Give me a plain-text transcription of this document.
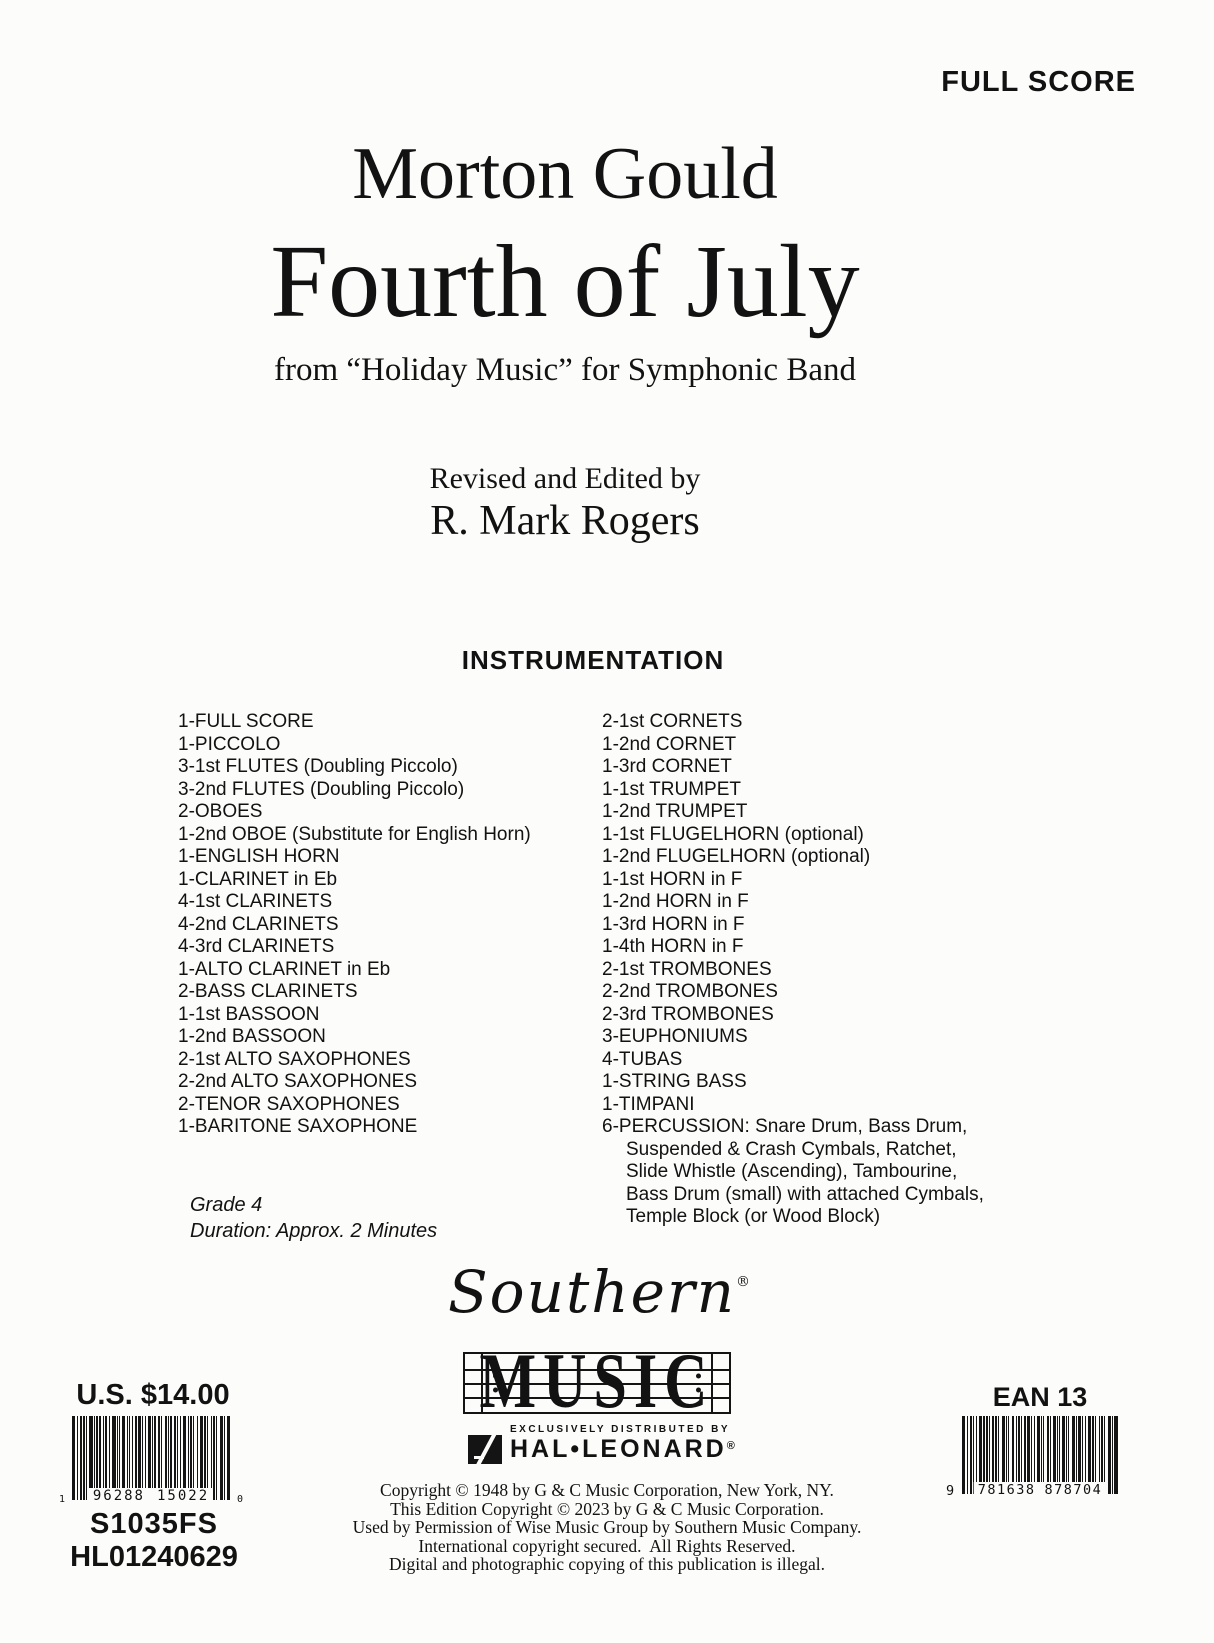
FULL SCORE
Morton Gould
Fourth of July
from “Holiday Music” for Symphonic Band
Revised and Edited by
R. Mark Rogers
INSTRUMENTATION
1-FULL SCORE
1-PICCOLO
3-1st FLUTES (Doubling Piccolo)
3-2nd FLUTES (Doubling Piccolo)
2-OBOES
1-2nd OBOE (Substitute for English Horn)
1-ENGLISH HORN
1-CLARINET in Eb
4-1st CLARINETS
4-2nd CLARINETS
4-3rd CLARINETS
1-ALTO CLARINET in Eb
2-BASS CLARINETS
1-1st BASSOON
1-2nd BASSOON
2-1st ALTO SAXOPHONES
2-2nd ALTO SAXOPHONES
2-TENOR SAXOPHONES
1-BARITONE SAXOPHONE
2-1st CORNETS
1-2nd CORNET
1-3rd CORNET
1-1st TRUMPET
1-2nd TRUMPET
1-1st FLUGELHORN (optional)
1-2nd FLUGELHORN (optional)
1-1st HORN in F
1-2nd HORN in F
1-3rd HORN in F
1-4th HORN in F
2-1st TROMBONES
2-2nd TROMBONES
2-3rd TROMBONES
3-EUPHONIUMS
4-TUBAS
1-STRING BASS
1-TIMPANI
6-PERCUSSION: Snare Drum, Bass Drum,
Suspended & Crash Cymbals, Ratchet,
Slide Whistle (Ascending), Tambourine,
Bass Drum (small) with attached Cymbals,
Temple Block (or Wood Block)
Grade 4
Duration: Approx. 2 Minutes
Southern®
MUSIC
EXCLUSIVELY DISTRIBUTED BY
HAL•LEONARD®
Copyright © 1948 by G & C Music Corporation, New York, NY.
This Edition Copyright © 2023 by G & C Music Corporation.
Used by Permission of Wise Music Group by Southern Music Company.
International copyright secured.  All Rights Reserved.
Digital and photographic copying of this publication is illegal.
U.S. $14.00
1 96288 15022	0
S1035FS
HL01240629
EAN 13
9 781638 878704
